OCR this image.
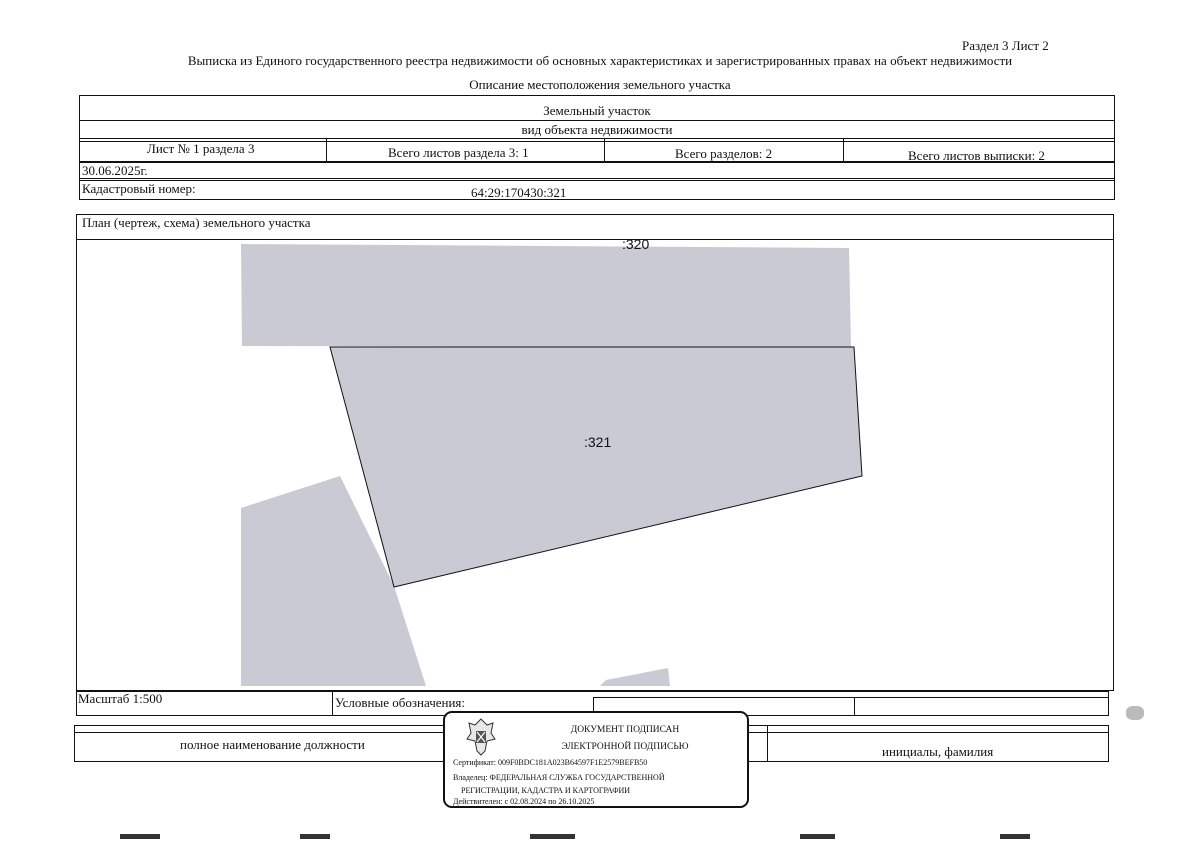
Раздел 3 Лист 2
Выписка из Единого государственного реестра недвижимости об основных характеристиках и зарегистрированных правах на объект недвижимости
Описание местоположения земельного участка
Земельный участок
вид объекта недвижимости
Лист № 1 раздела 3	Всего листов раздела 3: 1	Всего разделов: 2	Всего листов выписки: 2
30.06.2025г.
Кадастровый номер:	64:29:170430:321
План (чертеж, схема) земельного участка
:320
:321
Масштаб 1:500	Условные обозначения:
полное наименование должности	инициалы, фамилия
ДОКУМЕНТ ПОДПИСАН
ЭЛЕКТРОННОЙ ПОДПИСЬЮ
Сертификат: 009F0BDC181A023B64597F1E2579BEFB50
Владелец: ФЕДЕРАЛЬНАЯ СЛУЖБА ГОСУДАРСТВЕННОЙ
РЕГИСТРАЦИИ, КАДАСТРА И КАРТОГРАФИИ
Действителен: с 02.08.2024 по 26.10.2025
